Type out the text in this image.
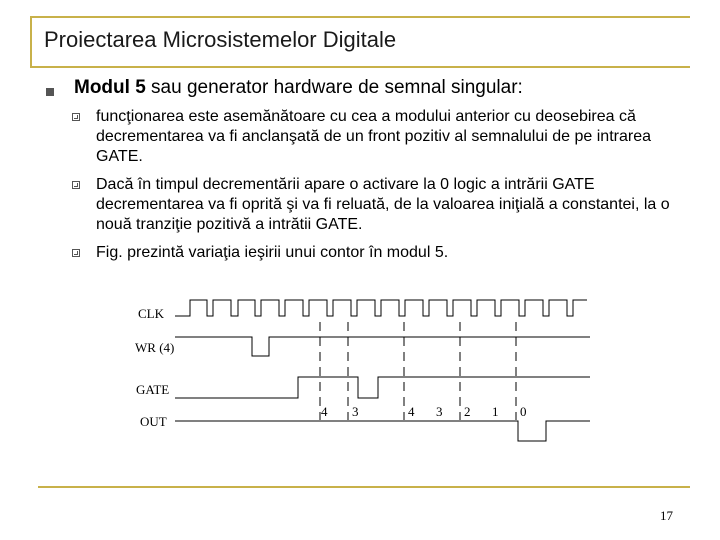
Proiectarea Microsistemelor Digitale
Modul 5 sau generator hardware de semnal singular:
funcţionarea este asemănătoare cu cea a modului anterior cu deosebirea că decrementarea va fi anclanşată de un front pozitiv al semnalului de pe intrarea GATE.
Dacă în timpul decrementării apare o activare la 0 logic a intrării GATE decrementarea va fi oprită şi va fi reluată, de la valoarea iniţială a constantei, la o nouă tranziţie pozitivă a intrătii GATE.
Fig. prezintă variaţia ieşirii unui contor în modul 5.
CLK
WR (4)
GATE
OUT
4 3	4 3 2 1 0
17
